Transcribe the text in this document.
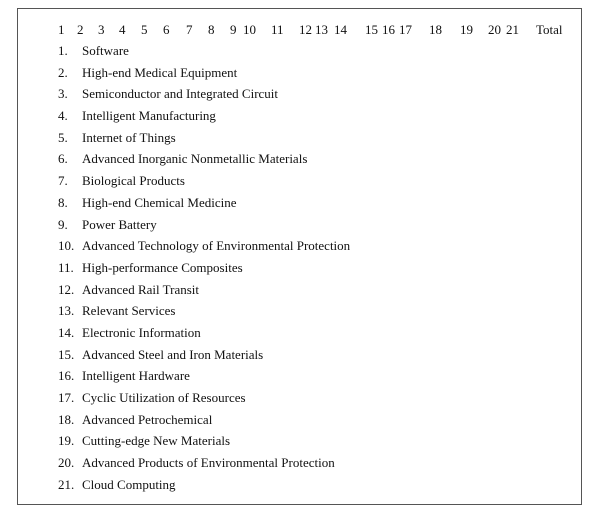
1 2 3 4 5 6 7 8 9 10 11 12 13 14 15 16 17 18 19 20 21 Total
1. Software
2. High-end Medical Equipment
3. Semiconductor and Integrated Circuit
4. Intelligent Manufacturing
5. Internet of Things
6. Advanced Inorganic Nonmetallic Materials
7. Biological Products
8. High-end Chemical Medicine
9. Power Battery
10. Advanced Technology of Environmental Protection
11. High-performance Composites
12. Advanced Rail Transit
13. Relevant Services
14. Electronic Information
15. Advanced Steel and Iron Materials
16. Intelligent Hardware
17. Cyclic Utilization of Resources
18. Advanced Petrochemical
19. Cutting-edge New Materials
20. Advanced Products of Environmental Protection
21. Cloud Computing
